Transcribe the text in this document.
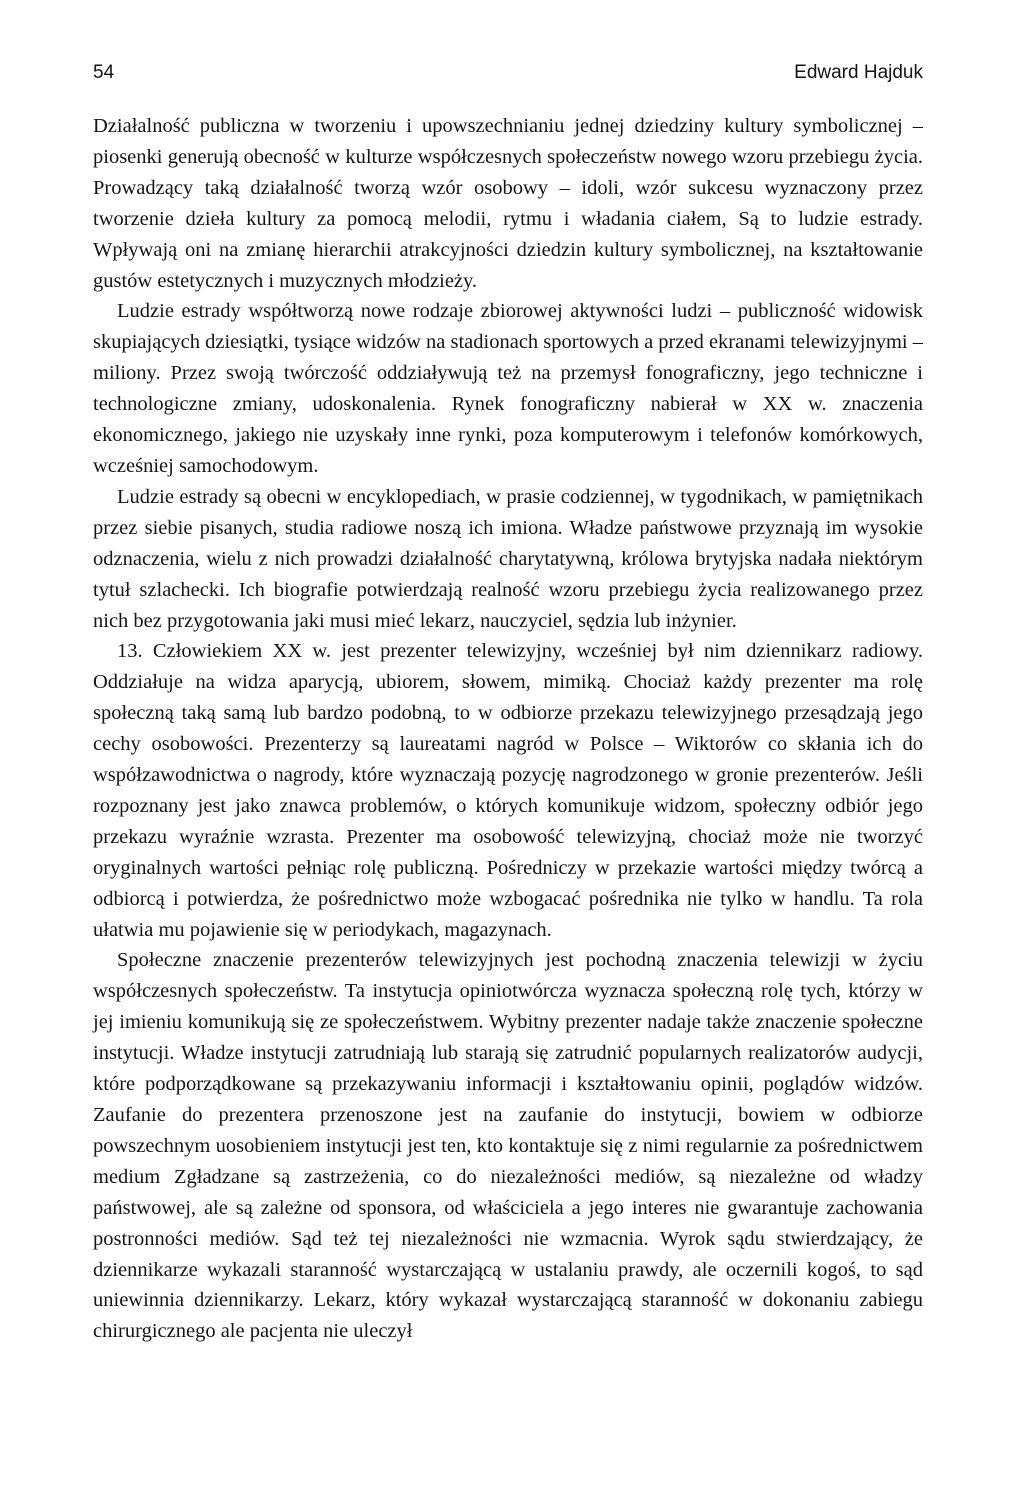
54	Edward Hajduk

Działalność publiczna w tworzeniu i upowszechnianiu jednej dziedziny kultury symbolicznej – piosenki generują obecność w kulturze współczesnych społeczeństw nowego wzoru przebiegu życia. Prowadzący taką działalność tworzą wzór osobowy – idoli, wzór sukcesu wyznaczony przez tworzenie dzieła kultury za pomocą melodii, rytmu i władania ciałem, Są to ludzie estrady. Wpływają oni na zmianę hierarchii atrakcyjności dziedzin kultury symbolicznej, na kształtowanie gustów estetycznych i muzycznych młodzieży.

Ludzie estrady współtworzą nowe rodzaje zbiorowej aktywności ludzi – publiczność widowisk skupiających dziesiątki, tysiące widzów na stadionach sportowych a przed ekranami telewizyjnymi – miliony. Przez swoją twórczość oddziaływują też na przemysł fonograficzny, jego techniczne i technologiczne zmiany, udoskonalenia. Rynek fonograficzny nabierał w XX w. znaczenia ekonomicznego, jakiego nie uzyskały inne rynki, poza komputerowym i telefonów komórkowych, wcześniej samochodowym.

Ludzie estrady są obecni w encyklopediach, w prasie codziennej, w tygodnikach, w pamiętnikach przez siebie pisanych, studia radiowe noszą ich imiona. Władze państwowe przyznają im wysokie odznaczenia, wielu z nich prowadzi działalność charytatywną, królowa brytyjska nadała niektórym tytuł szlachecki. Ich biografie potwierdzają realność wzoru przebiegu życia realizowanego przez nich bez przygotowania jaki musi mieć lekarz, nauczyciel, sędzia lub inżynier.

13. Człowiekiem XX w. jest prezenter telewizyjny, wcześniej był nim dziennikarz radiowy. Oddziałuje na widza aparycją, ubiorem, słowem, mimiką. Chociaż każdy prezenter ma rolę społeczną taką samą lub bardzo podobną, to w odbiorze przekazu telewizyjnego przesądzają jego cechy osobowości. Prezenterzy są laureatami nagród w Polsce – Wiktorów co skłania ich do współzawodnictwa o nagrody, które wyznaczają pozycję nagrodzonego w gronie prezenterów. Jeśli rozpoznany jest jako znawca problemów, o których komunikuje widzom, społeczny odbiór jego przekazu wyraźnie wzrasta. Prezenter ma osobowość telewizyjną, chociaż może nie tworzyć oryginalnych wartości pełniąc rolę publiczną. Pośredniczy w przekazie wartości między twórcą a odbiorcą i potwierdza, że pośrednictwo może wzbogacać pośrednika nie tylko w handlu. Ta rola ułatwia mu pojawienie się w periodykach, magazynach.

Społeczne znaczenie prezenterów telewizyjnych jest pochodną znaczenia telewizji w życiu współczesnych społeczeństw. Ta instytucja opiniotwórcza wyznacza społeczną rolę tych, którzy w jej imieniu komunikują się ze społeczeństwem. Wybitny prezenter nadaje także znaczenie społeczne instytucji. Władze instytucji zatrudniają lub starają się zatrudnić popularnych realizatorów audycji, które podporządkowane są przekazywaniu informacji i kształtowaniu opinii, poglądów widzów. Zaufanie do prezentera przenoszone jest na zaufanie do instytucji, bowiem w odbiorze powszechnym uosobieniem instytucji jest ten, kto kontaktuje się z nimi regularnie za pośrednictwem medium Zgładzane są zastrzeżenia, co do niezależności mediów, są niezależne od władzy państwowej, ale są zależne od sponsora, od właściciela a jego interes nie gwarantuje zachowania postronności mediów. Sąd też tej niezależności nie wzmacnia. Wyrok sądu stwierdzający, że dziennikarze wykazali staranność wystarczającą w ustalaniu prawdy, ale oczernili kogoś, to sąd uniewinnia dziennikarzy. Lekarz, który wykazał wystarczającą staranność w dokonaniu zabiegu chirurgicznego ale pacjenta nie uleczył
